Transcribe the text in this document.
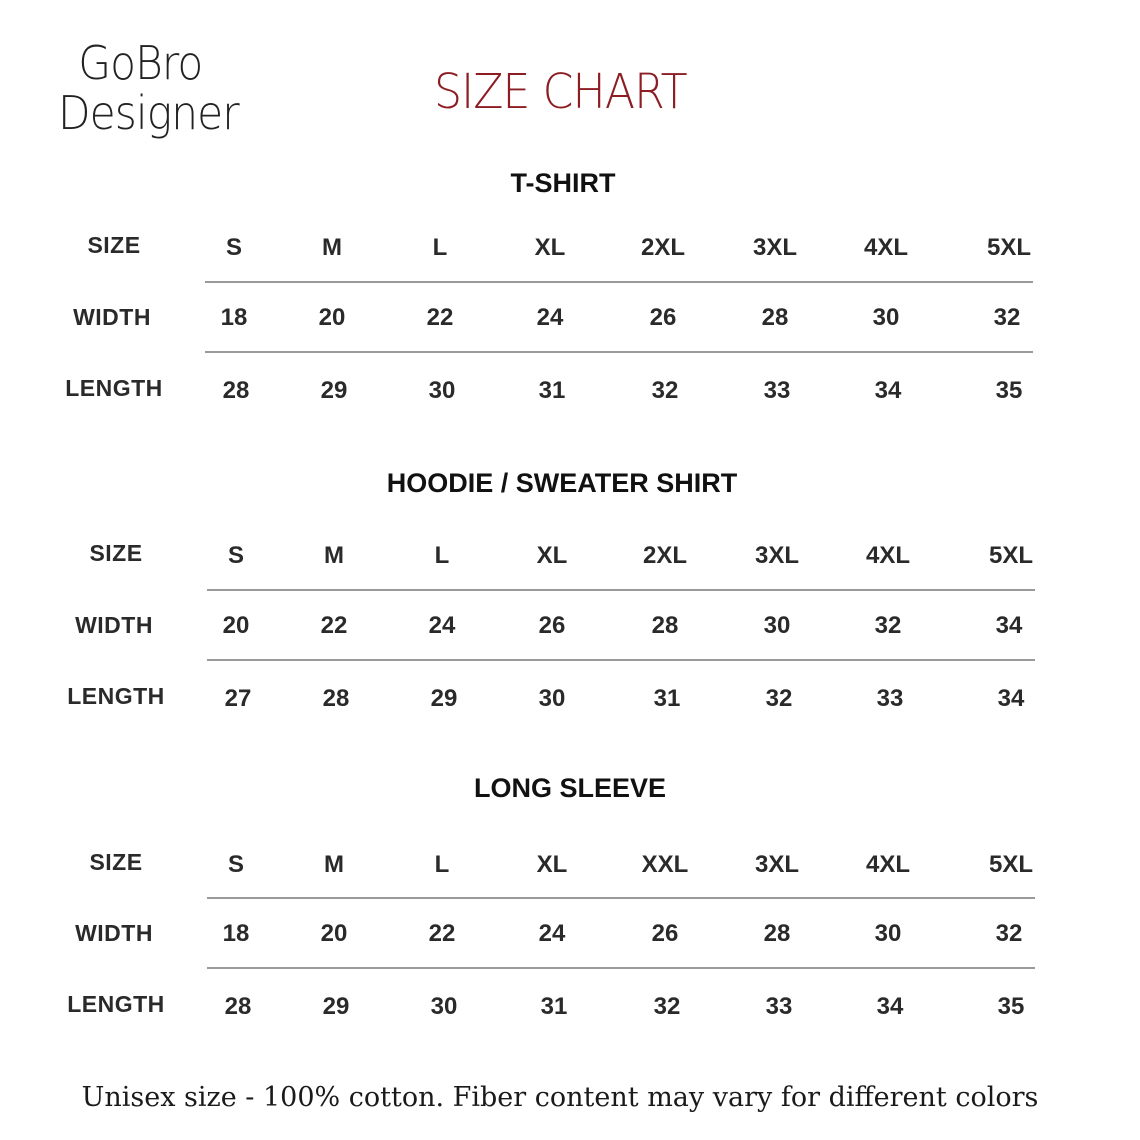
GoBro
Designer	SIZE CHART
T-SHIRT
SIZE	S	M	L	XL	2XL	3XL	4XL	5XL
WIDTH	18	20	22	24	26	28	30	32
LENGTH	28	29	30	31	32	33	34	35
HOODIE / SWEATER SHIRT
SIZE	S	M	L	XL	2XL	3XL	4XL	5XL
WIDTH	20	22	24	26	28	30	32	34
LENGTH	27	28	29	30	31	32	33	34
LONG SLEEVE
SIZE	S	M	L	XL	XXL	3XL	4XL	5XL
WIDTH	18	20	22	24	26	28	30	32
LENGTH	28	29	30	31	32	33	34	35
Unisex size - 100% cotton. Fiber content may vary for different colors
